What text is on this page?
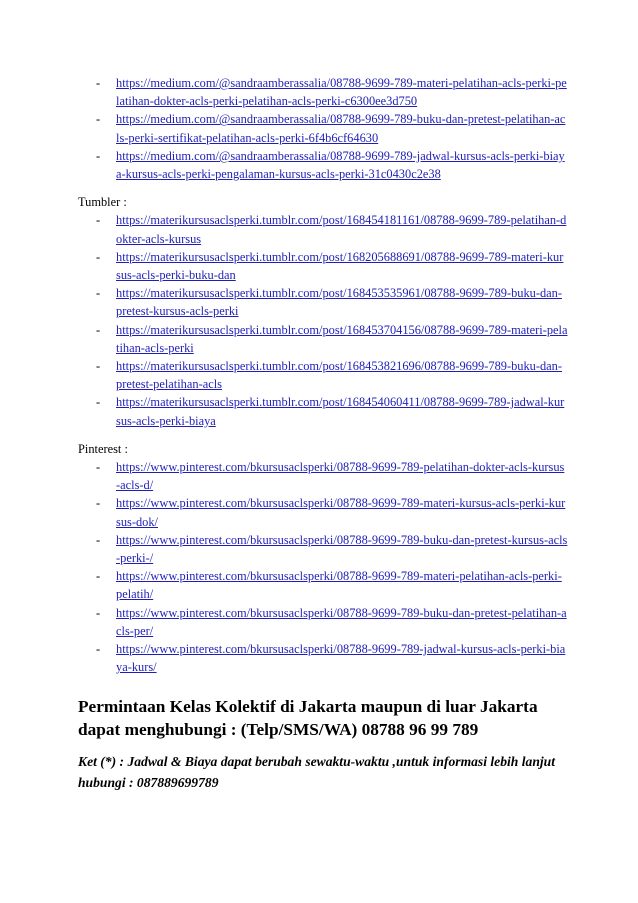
- https://medium.com/@sandraamberassalia/08788-9699-789-materi-pelatihan-acls-perki-pelatihan-dokter-acls-perki-pelatihan-acls-perki-c6300ee3d750
- https://medium.com/@sandraamberassalia/08788-9699-789-buku-dan-pretest-pelatihan-acls-perki-sertifikat-pelatihan-acls-perki-6f4b6cf64630
- https://medium.com/@sandraamberassalia/08788-9699-789-jadwal-kursus-acls-perki-biaya-kursus-acls-perki-pengalaman-kursus-acls-perki-31c0430c2e38
Tumbler :
- https://materikursusaclsperki.tumblr.com/post/168454181161/08788-9699-789-pelatihan-dokter-acls-kursus
- https://materikursusaclsperki.tumblr.com/post/168205688691/08788-9699-789-materi-kursus-acls-perki-buku-dan
- https://materikursusaclsperki.tumblr.com/post/168453535961/08788-9699-789-buku-dan-pretest-kursus-acls-perki
- https://materikursusaclsperki.tumblr.com/post/168453704156/08788-9699-789-materi-pelatihan-acls-perki
- https://materikursusaclsperki.tumblr.com/post/168453821696/08788-9699-789-buku-dan-pretest-pelatihan-acls
- https://materikursusaclsperki.tumblr.com/post/168454060411/08788-9699-789-jadwal-kursus-acls-perki-biaya
Pinterest :
- https://www.pinterest.com/bkursusaclsperki/08788-9699-789-pelatihan-dokter-acls-kursus-acls-d/
- https://www.pinterest.com/bkursusaclsperki/08788-9699-789-materi-kursus-acls-perki-kursus-dok/
- https://www.pinterest.com/bkursusaclsperki/08788-9699-789-buku-dan-pretest-kursus-acls-perki-/
- https://www.pinterest.com/bkursusaclsperki/08788-9699-789-materi-pelatihan-acls-perki-pelatih/
- https://www.pinterest.com/bkursusaclsperki/08788-9699-789-buku-dan-pretest-pelatihan-acls-per/
- https://www.pinterest.com/bkursusaclsperki/08788-9699-789-jadwal-kursus-acls-perki-biaya-kurs/
Permintaan Kelas Kolektif di Jakarta maupun di luar Jakarta dapat menghubungi : (Telp/SMS/WA) 08788 96 99 789
Ket (*) : Jadwal & Biaya dapat berubah sewaktu-waktu ,untuk informasi lebih lanjut hubungi : 087889699789
